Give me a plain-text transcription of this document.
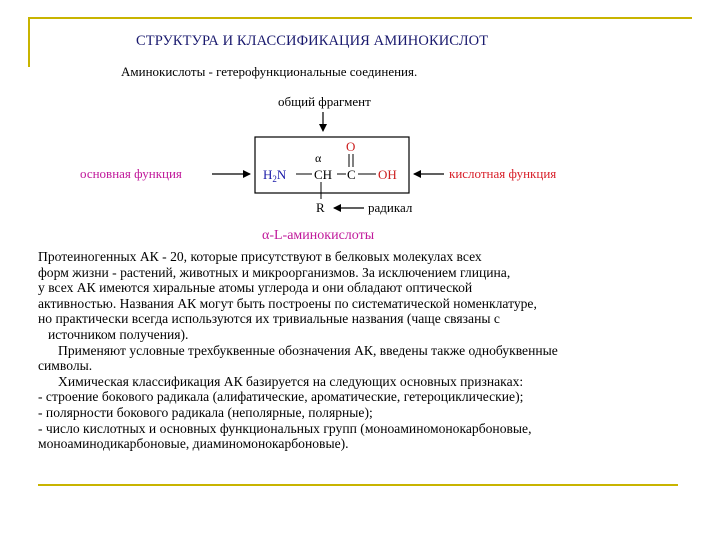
СТРУКТУРА И КЛАССИФИКАЦИЯ АМИНОКИСЛОТ
Аминокислоты - гетерофункциональные соединения.
общий фрагмент
основная функция	кислотная функция
$H_2N$
α
CH C OH
O
R	радикал
α-L-аминокислоты

Протеиногенных АК - 20, которые присутствуют в белковых молекулах всех

форм жизни - растений, животных и микроорганизмов. За исключением глицина,

у всех АК имеются хиральные атомы углерода и они обладают оптической

активностью. Названия АК могут быть построены по систематической номенклатуре,

но практически всегда используются их тривиальные названия (чаще связаны с

источником получения).

Применяют условные трехбуквенные обозначения АК, введены также однобуквенные

символы.

Химическая классификация АК базируется на следующих основных признаках:

- строение бокового радикала (алифатические, ароматические, гетероциклические);

- полярности бокового радикала (неполярные, полярные);

- число кислотных и основных функциональных групп (моноаминомонокарбоновые,

моноаминодикарбоновые, диаминомонокарбоновые).
